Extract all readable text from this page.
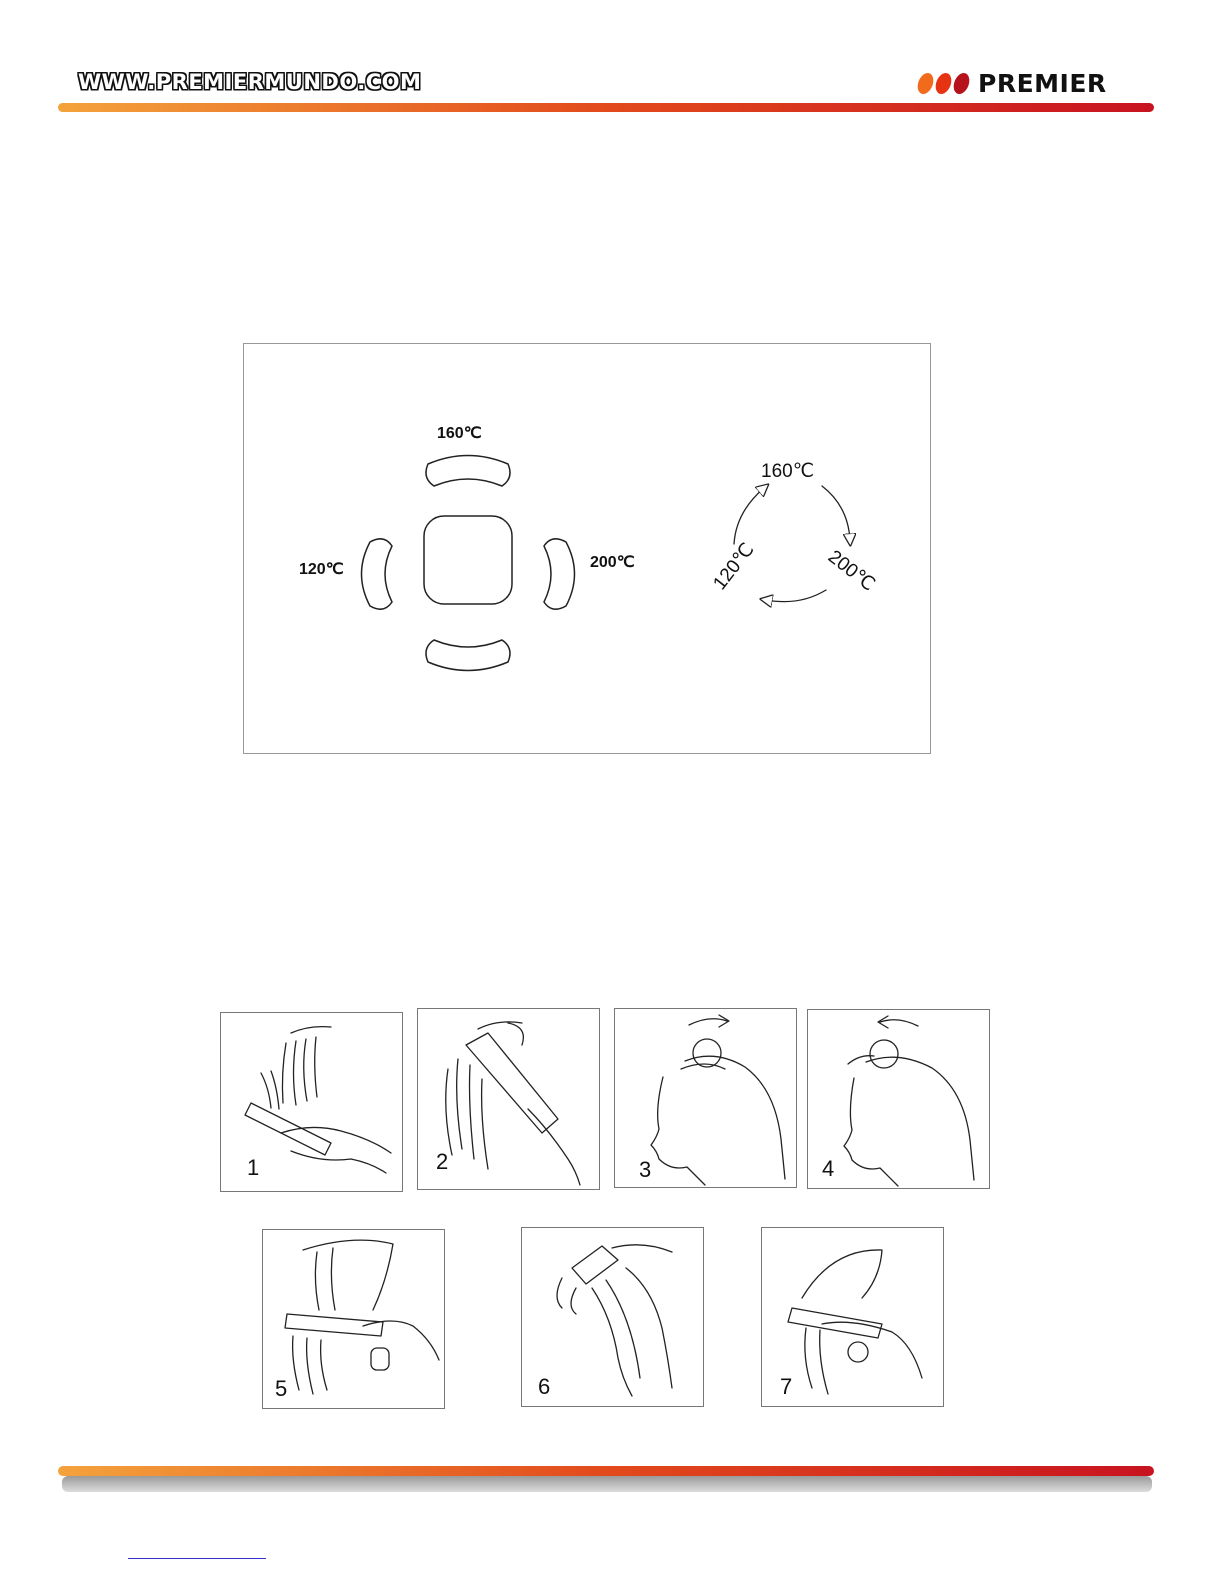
WWW.PREMIERMUNDO.COM	PREMIER
160℃
120℃	200℃
160℃
120℃	200℃
1	2	3	4
5	6	7
